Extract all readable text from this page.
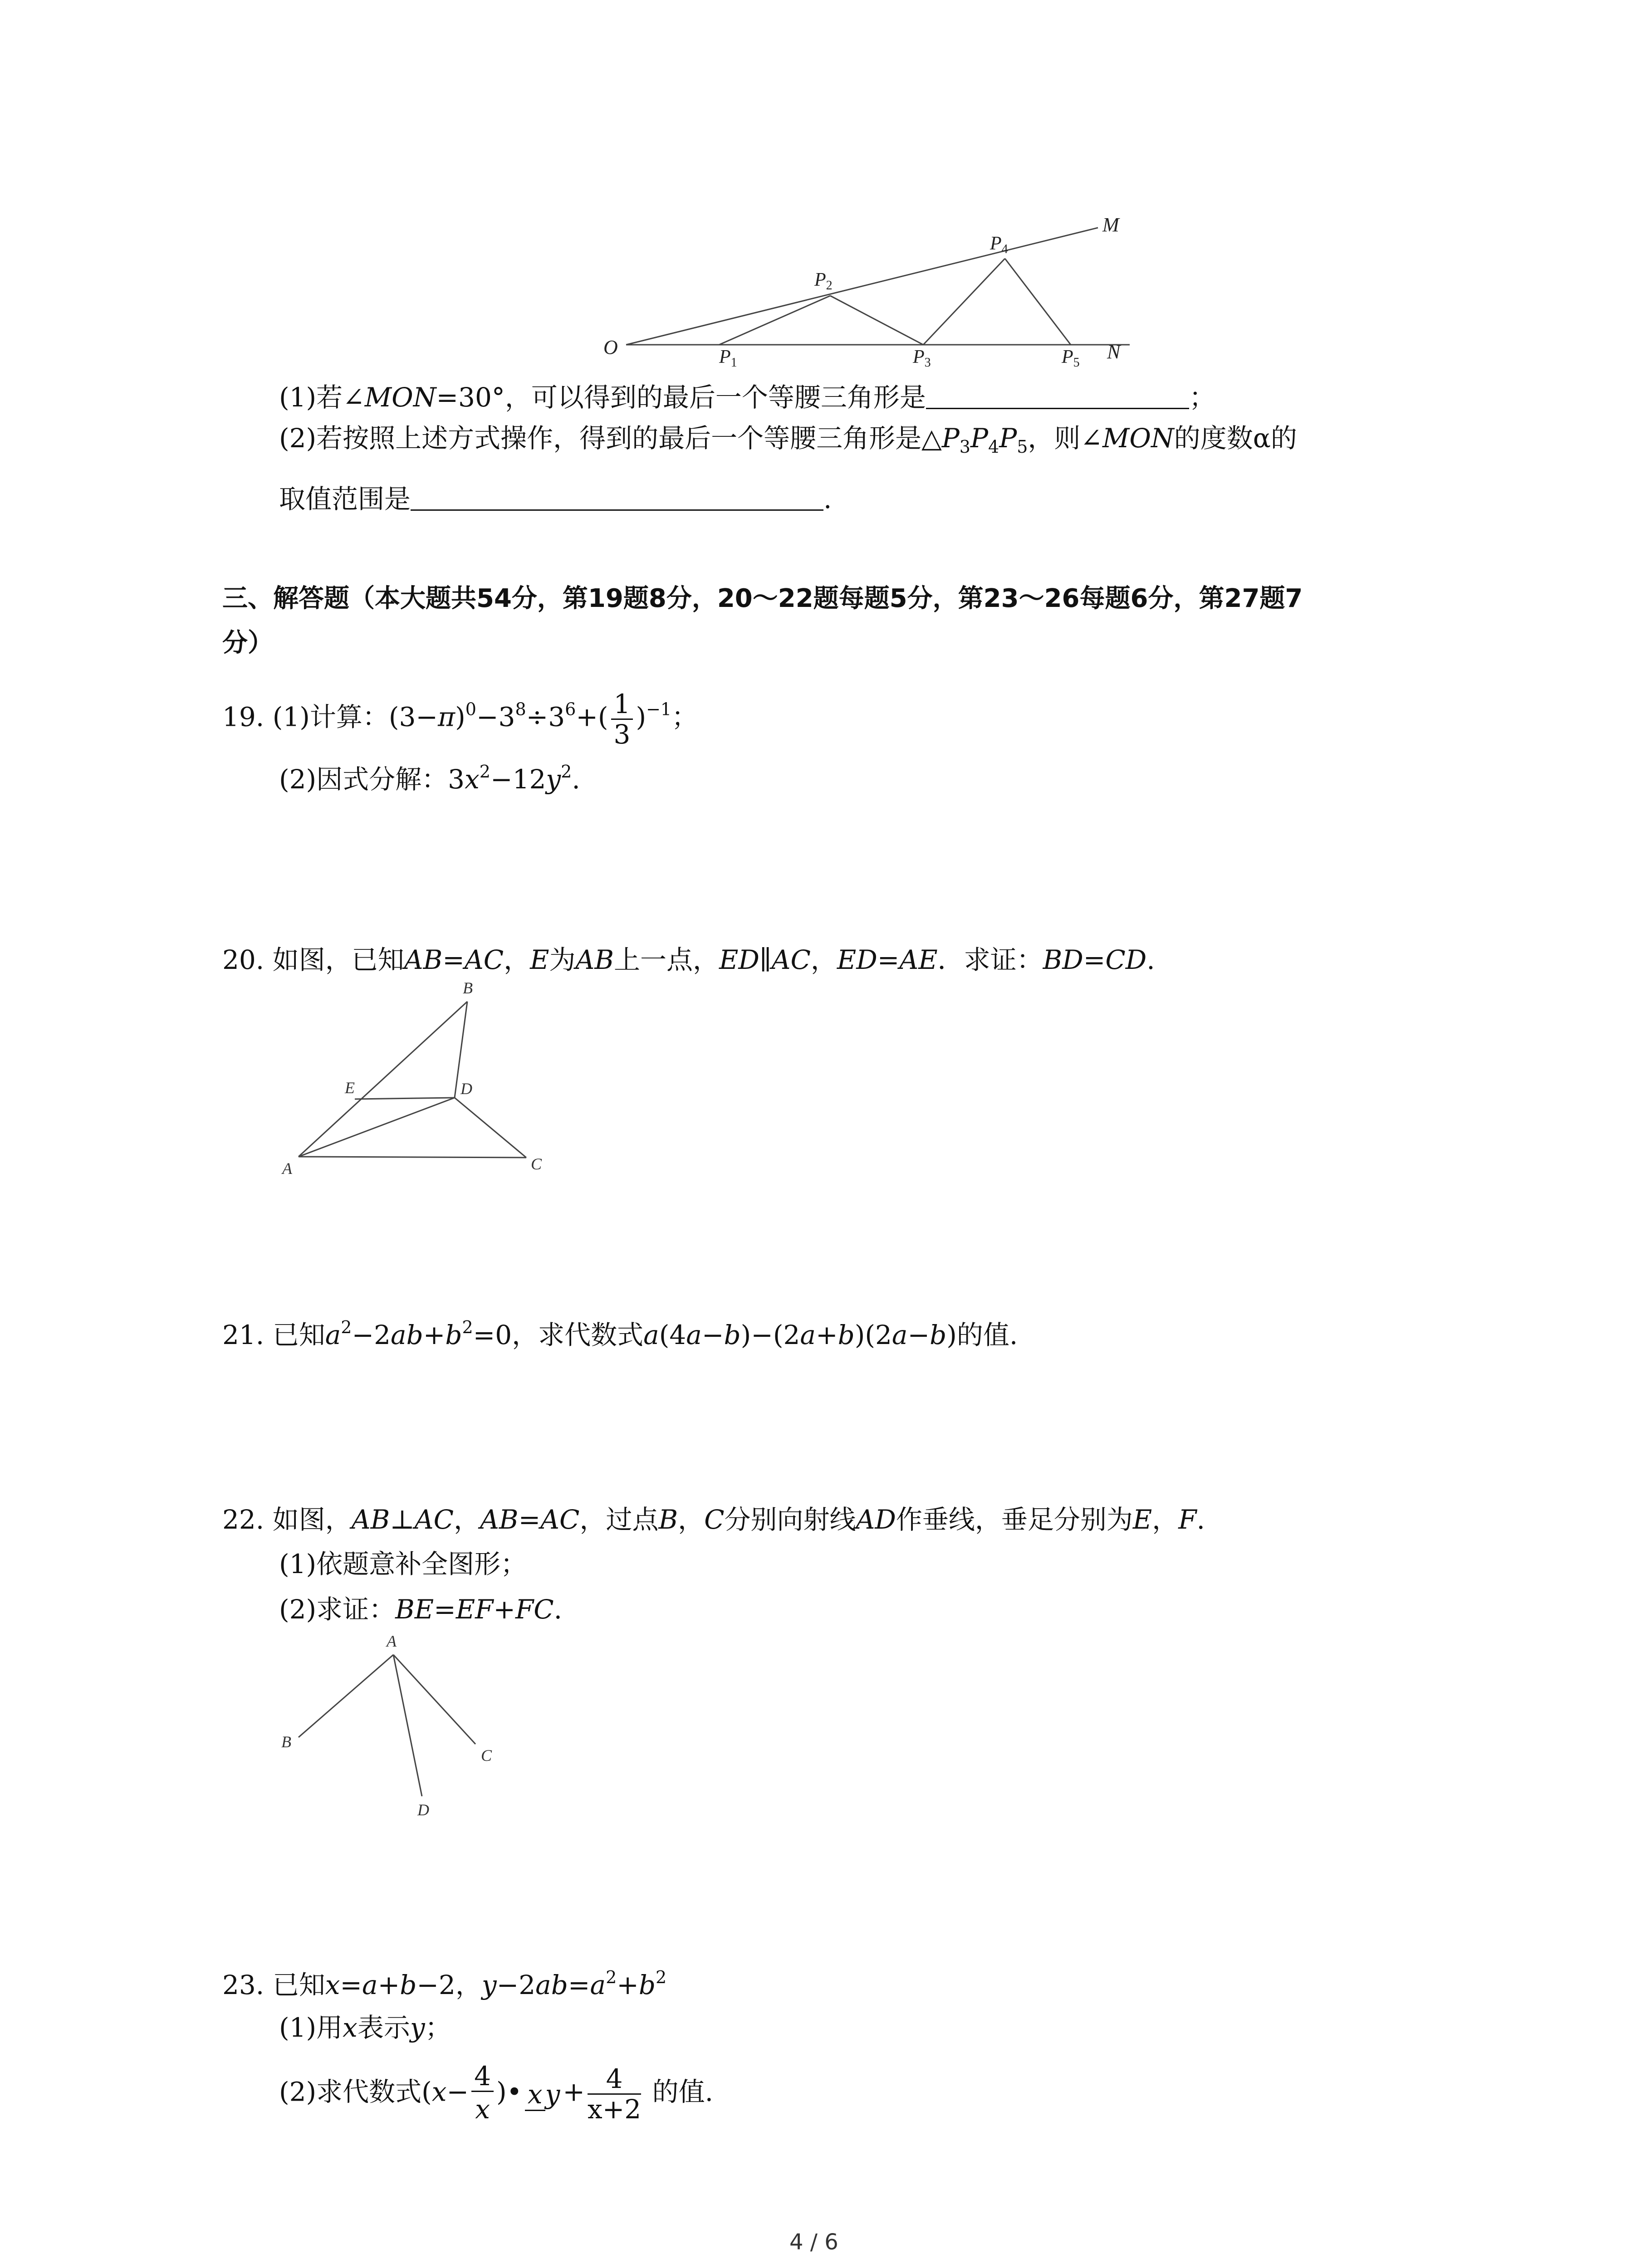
O
M
N
P1
P2
P3
P4
P5
(1)若∠MON=30°，可以得到的最后一个等腰三角形是	；
(2)若按照上述方式操作，得到的最后一个等腰三角形是$\triangle P_3P_4P_5$，则∠MON的度数α的
取值范围是	.
三、解答题（本大题共54分，第19题8分，20～22题每题5分，第23～26每题6分，第27题7
分）
19. (1)计算：$(3-\pi)^0-3^8\div 3^6+( \frac{1}{3} )^{-1}$；
(2)因式分解：$3x^2-12y^2$.
20. 如图，已知AB=AC，E为AB上一点，ED∥AC，ED=AE．求证：BD=CD.
A
B
C
D
E
21. 已知$a^2-2ab+b^2=0$，求代数式a(4a−b)−(2a+b)(2a−b)的值.
22. 如图，AB⊥AC，AB=AC，过点B，C分别向射线AD作垂线，垂足分别为E，F.
(1)依题意补全图形；
(2)求证：BE=EF+FC.
A
B
C
D
23. 已知x=a+b−2，$y-2ab=a^2+b^2$
(1)用x表示y；
(2)求代数式($x- \frac{4}{x}$ )• x $y + \frac{4}{x+2}$ 的值.
4 / 6
